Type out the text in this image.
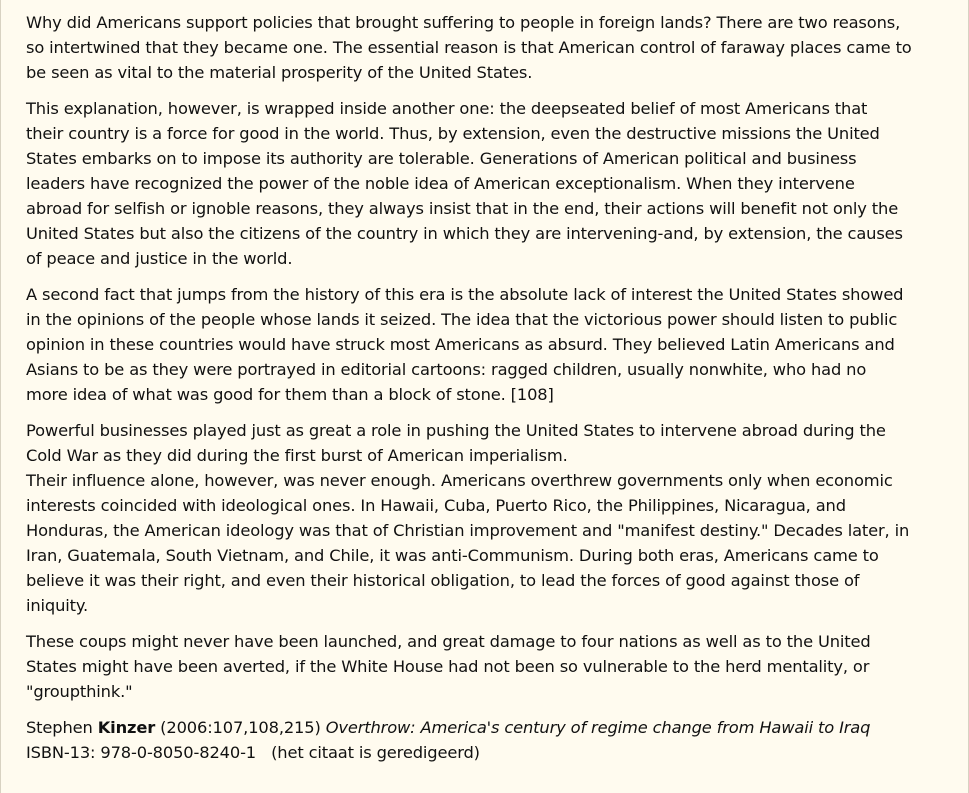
Why did Americans support policies that brought suffering to people in foreign lands? There are two reasons,
so intertwined that they became one. The essential reason is that American control of faraway places came to
be seen as vital to the material prosperity of the United States.

This explanation, however, is wrapped inside another one: the deepseated belief of most Americans that
their country is a force for good in the world. Thus, by extension, even the destructive missions the United
States embarks on to impose its authority are tolerable. Generations of American political and business
leaders have recognized the power of the noble idea of American exceptionalism. When they intervene
abroad for selfish or ignoble reasons, they always insist that in the end, their actions will benefit not only the
United States but also the citizens of the country in which they are intervening-and, by extension, the causes
of peace and justice in the world.

A second fact that jumps from the history of this era is the absolute lack of interest the United States showed
in the opinions of the people whose lands it seized. The idea that the victorious power should listen to public
opinion in these countries would have struck most Americans as absurd. They believed Latin Americans and
Asians to be as they were portrayed in editorial cartoons: ragged children, usually nonwhite, who had no
more idea of what was good for them than a block of stone. [108]

Powerful businesses played just as great a role in pushing the United States to intervene abroad during the
Cold War as they did during the first burst of American imperialism.
Their influence alone, however, was never enough. Americans overthrew governments only when economic
interests coincided with ideological ones. In Hawaii, Cuba, Puerto Rico, the Philippines, Nicaragua, and
Honduras, the American ideology was that of Christian improvement and "manifest destiny." Decades later, in
Iran, Guatemala, South Vietnam, and Chile, it was anti-Communism. During both eras, Americans came to
believe it was their right, and even their historical obligation, to lead the forces of good against those of
iniquity.

These coups might never have been launched, and great damage to four nations as well as to the United
States might have been averted, if the White House had not been so vulnerable to the herd mentality, or
"groupthink."

Stephen Kinzer (2006:107,108,215) Overthrow: America's century of regime change from Hawaii to Iraq
ISBN-13: 978-0-8050-8240-1   (het citaat is geredigeerd)
